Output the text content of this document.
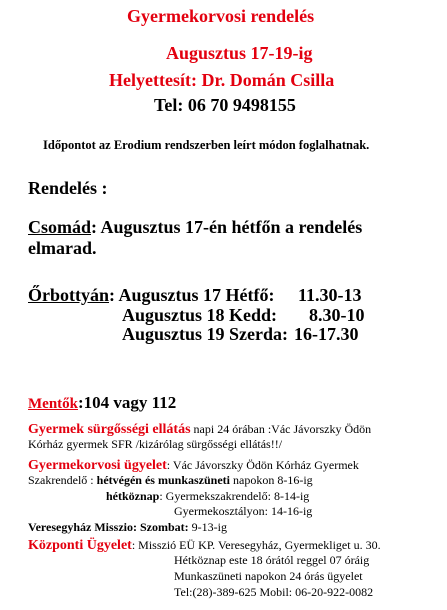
Gyermekorvosi rendelés
Augusztus 17-19-ig
Helyettesít: Dr. Domán Csilla
Tel: 06 70 9498155
Időpontot az Erodium rendszerben leírt módon foglalhatnak.
Rendelés :
Csomád: Augusztus 17-én hétfőn a rendelés
elmarad.
Őrbottyán: Augusztus 17 Hétfő: 11.30-13
Augusztus 18 Kedd: 8.30-10
Augusztus 19 Szerda: 16-17.30
Mentők:104 vagy 112
Gyermek sürgősségi ellátás napi 24 órában :Vác Jávorszky Ödön
Kórház gyermek SFR /kizárólag sürgősségi ellátás!!/
Gyermekorvosi ügyelet: Vác Jávorszky Ödön Kórház Gyermek
Szakrendelő : hétvégén és munkaszüneti napokon 8-16-ig
hétköznap: Gyermekszakrendelő: 8-14-ig
Gyermekosztályon: 14-16-ig
Veresegyház Misszio: Szombat: 9-13-ig
Központi Ügyelet: Misszió EÜ KP. Veresegyház, Gyermekliget u. 30.
Hétköznap este 18 órától reggel 07 óráig
Munkaszüneti napokon 24 órás ügyelet
Tel:(28)-389-625 Mobil: 06-20-922-0082
